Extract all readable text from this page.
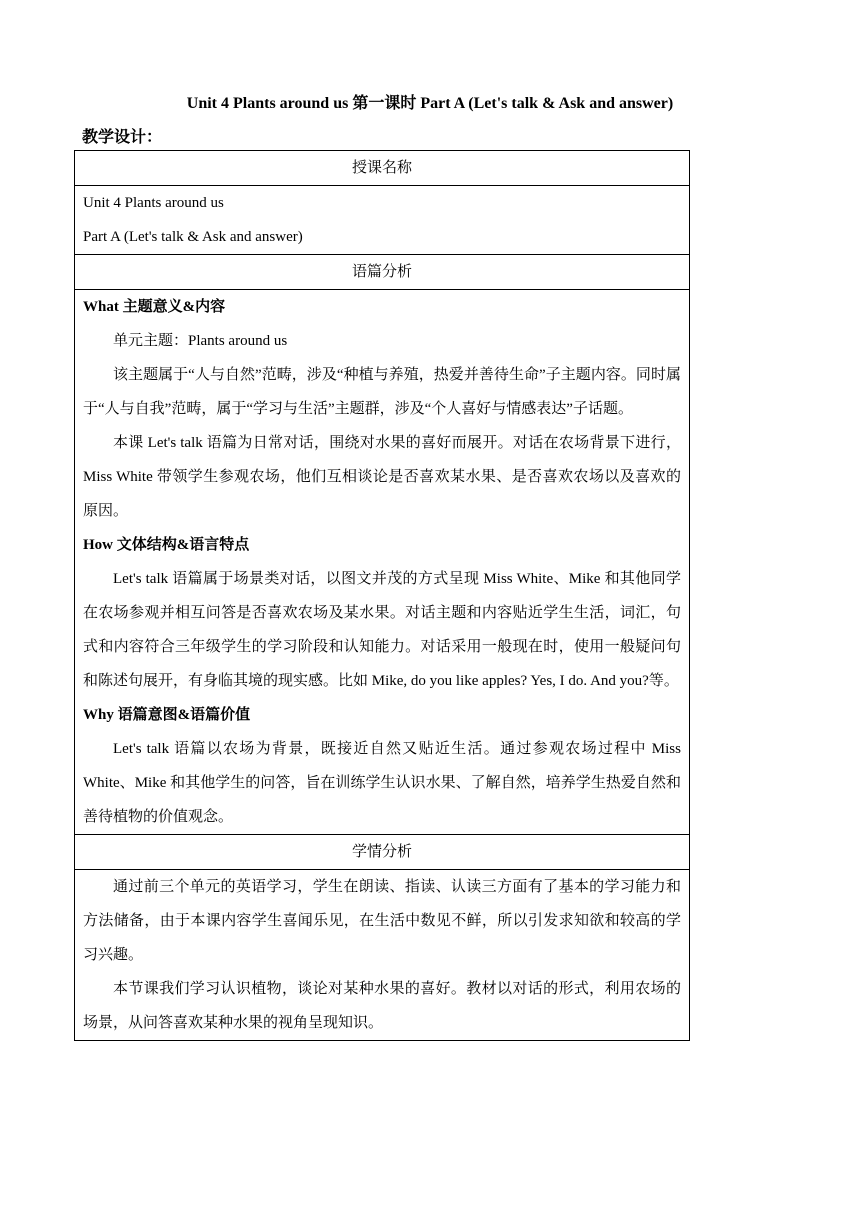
Unit 4 Plants around us 第一课时 Part A (Let's talk & Ask and answer)
教学设计：
授课名称

Unit 4 Plants around us
Part A (Let's talk & Ask and answer)

语篇分析

What 主题意义&内容

单元主题：Plants around us

该主题属于“人与自然”范畴，涉及“种植与养殖，热爱并善待生命”子主题内容。同时属于“人与自我”范畴，属于“学习与生活”主题群，涉及“个人喜好与情感表达”子话题。

本课 Let's talk 语篇为日常对话，围绕对水果的喜好而展开。对话在农场背景下进行，Miss White 带领学生参观农场，他们互相谈论是否喜欢某水果、是否喜欢农场以及喜欢的原因。

How 文体结构&语言特点

Let's talk 语篇属于场景类对话，以图文并茂的方式呈现 Miss White、Mike 和其他同学在农场参观并相互问答是否喜欢农场及某水果。对话主题和内容贴近学生生活，词汇，句式和内容符合三年级学生的学习阶段和认知能力。对话采用一般现在时，使用一般疑问句和陈述句展开，有身临其境的现实感。比如 Mike, do you like apples? Yes, I do. And you?等。

Why 语篇意图&语篇价值

Let's talk 语篇以农场为背景，既接近自然又贴近生活。通过参观农场过程中 Miss White、Mike 和其他学生的问答，旨在训练学生认识水果、了解自然，培养学生热爱自然和善待植物的价值观念。

学情分析

通过前三个单元的英语学习，学生在朗读、指读、认读三方面有了基本的学习能力和方法储备，由于本课内容学生喜闻乐见，在生活中数见不鲜，所以引发求知欲和较高的学习兴趣。

本节课我们学习认识植物，谈论对某种水果的喜好。教材以对话的形式，利用农场的场景，从问答喜欢某种水果的视角呈现知识。
